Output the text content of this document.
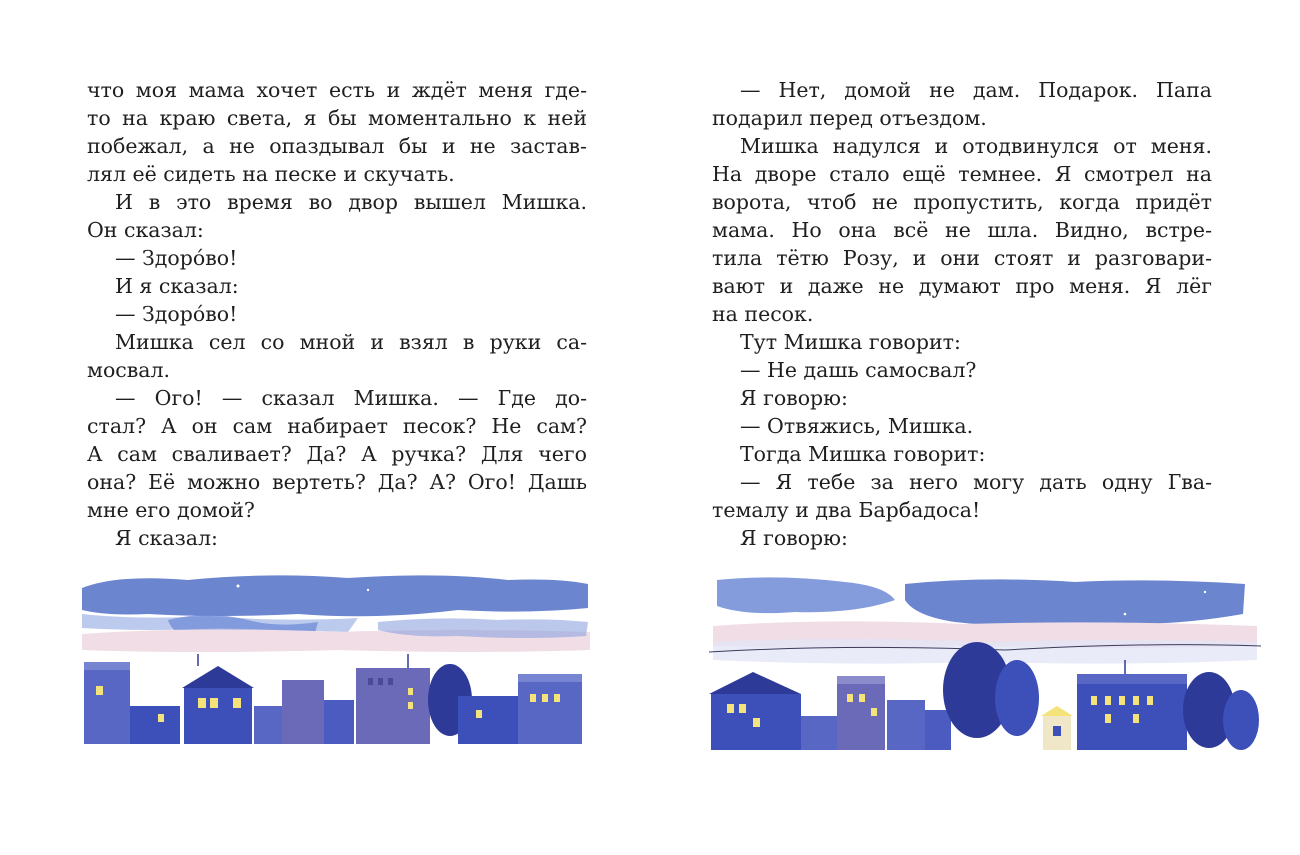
что моя мама хочет есть и ждёт меня где-
то на краю света, я бы моментально к ней
побежал, а не опаздывал бы и не застав-
лял её сидеть на песке и скучать.
И в это время во двор вышел Мишка.
Он сказал:
— Здоро́во!
И я сказал:
— Здоро́во!
Мишка сел со мной и взял в руки са-
мосвал.
— Ого! — сказал Мишка. — Где до-
стал? А он сам набирает песок? Не сам?
А сам сваливает? Да? А ручка? Для чего
она? Её можно вертеть? Да? А? Ого! Дашь
мне его домой?
Я сказал:
— Нет, домой не дам. Подарок. Папа
подарил перед отъездом.
Мишка надулся и отодвинулся от меня.
На дворе стало ещё темнее. Я смотрел на
ворота, чтоб не пропустить, когда придёт
мама. Но она всё не шла. Видно, встре-
тила тётю Розу, и они стоят и разговари-
вают и даже не думают про меня. Я лёг
на песок.
Тут Мишка говорит:
— Не дашь самосвал?
Я говорю:
— Отвяжись, Мишка.
Тогда Мишка говорит:
— Я тебе за него могу дать одну Гва-
темалу и два Барбадоса!
Я говорю:
